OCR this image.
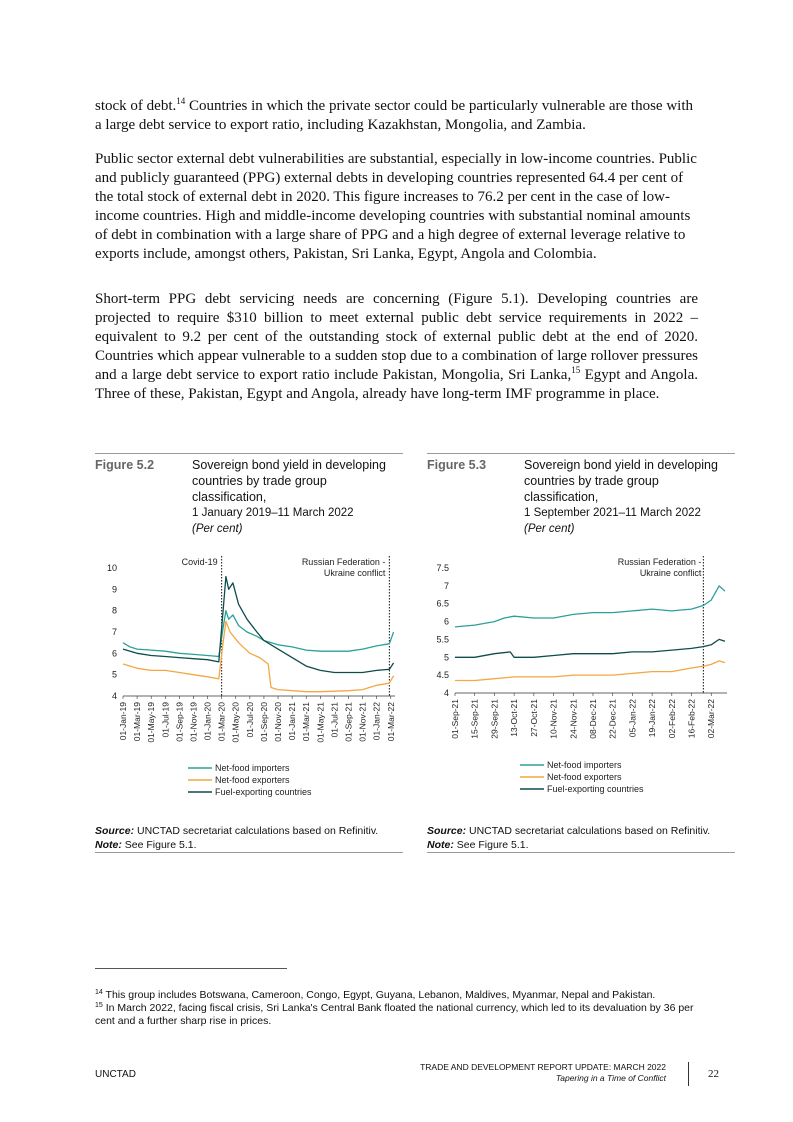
stock of debt.$^{14}$ Countries in which the private sector could be particularly vulnerable are those with a large debt service to export ratio, including Kazakhstan, Mongolia, and Zambia.

Public sector external debt vulnerabilities are substantial, especially in low-income countries. Public and publicly guaranteed (PPG) external debts in developing countries represented 64.4 per cent of the total stock of external debt in 2020. This figure increases to 76.2 per cent in the case of low-income countries. High and middle-income developing countries with substantial nominal amounts of debt in combination with a large share of PPG and a high degree of external leverage relative to exports include, amongst others, Pakistan, Sri Lanka, Egypt, Angola and Colombia.

Short-term PPG debt servicing needs are concerning (Figure 5.1). Developing countries are projected to require $310 billion to meet external public debt service requirements in 2022 – equivalent to 9.2 per cent of the outstanding stock of external public debt at the end of 2020. Countries which appear vulnerable to a sudden stop due to a combination of large rollover pressures and a large debt service to export ratio include Pakistan, Mongolia, Sri Lanka,$^{15}$ Egypt and Angola. Three of these, Pakistan, Egypt and Angola, already have long-term IMF programme in place.

Figure 5.2	Sovereign bond yield in developing countries by trade group classification,
1 January 2019–11 March 2022
(Per cent)
4
5
6
7
8
9
10
01-Jan-19 01-Mar-19 01-May-19 01-Jul-19 01-Sep-19 01-Nov-19 01-Jan-20 01-Mar-20 01-May-20 01-Jul-20 01-Sep-20 01-Nov-20 01-Jan-21 01-Mar-21 01-May-21 01-Jul-21 01-Sep-21 01-Nov-21 01-Jan-22 01-Mar-22
Covid-19	Russian Federation -Ukraine conflict
Net-food importers
Net-food exporters
Fuel-exporting countries
Source: UNCTAD secretariat calculations based on Refinitiv.
Note: See Figure 5.1.
Figure 5.3	Sovereign bond yield in developing countries by trade group classification,
1 September 2021–11 March 2022
(Per cent)
4
4.5
5
5.5
6
6.5
7
7.5
01-Sep-21 15-Sep-21 29-Sep-21 13-Oct-21 27-Oct-21 10-Nov-21 24-Nov-21 08-Dec-21 22-Dec-21 05-Jan-22 19-Jan-22 02-Feb-22 16-Feb-22 02-Mar-22
Russian Federation -Ukraine conflict
Net-food importers
Net-food exporters
Fuel-exporting countries
Source: UNCTAD secretariat calculations based on Refinitiv.
Note: See Figure 5.1.

$^{14}$ This group includes Botswana, Cameroon, Congo, Egypt, Guyana, Lebanon, Maldives, Myanmar, Nepal and Pakistan.

$^{15}$ In March 2022, facing fiscal crisis, Sri Lanka's Central Bank floated the national currency, which led to its devaluation by 36 per cent and a further sharp rise in prices.

UNCTAD
TRADE AND DEVELOPMENT REPORT UPDATE: MARCH 2022
Tapering in a Time of Conflict	22
